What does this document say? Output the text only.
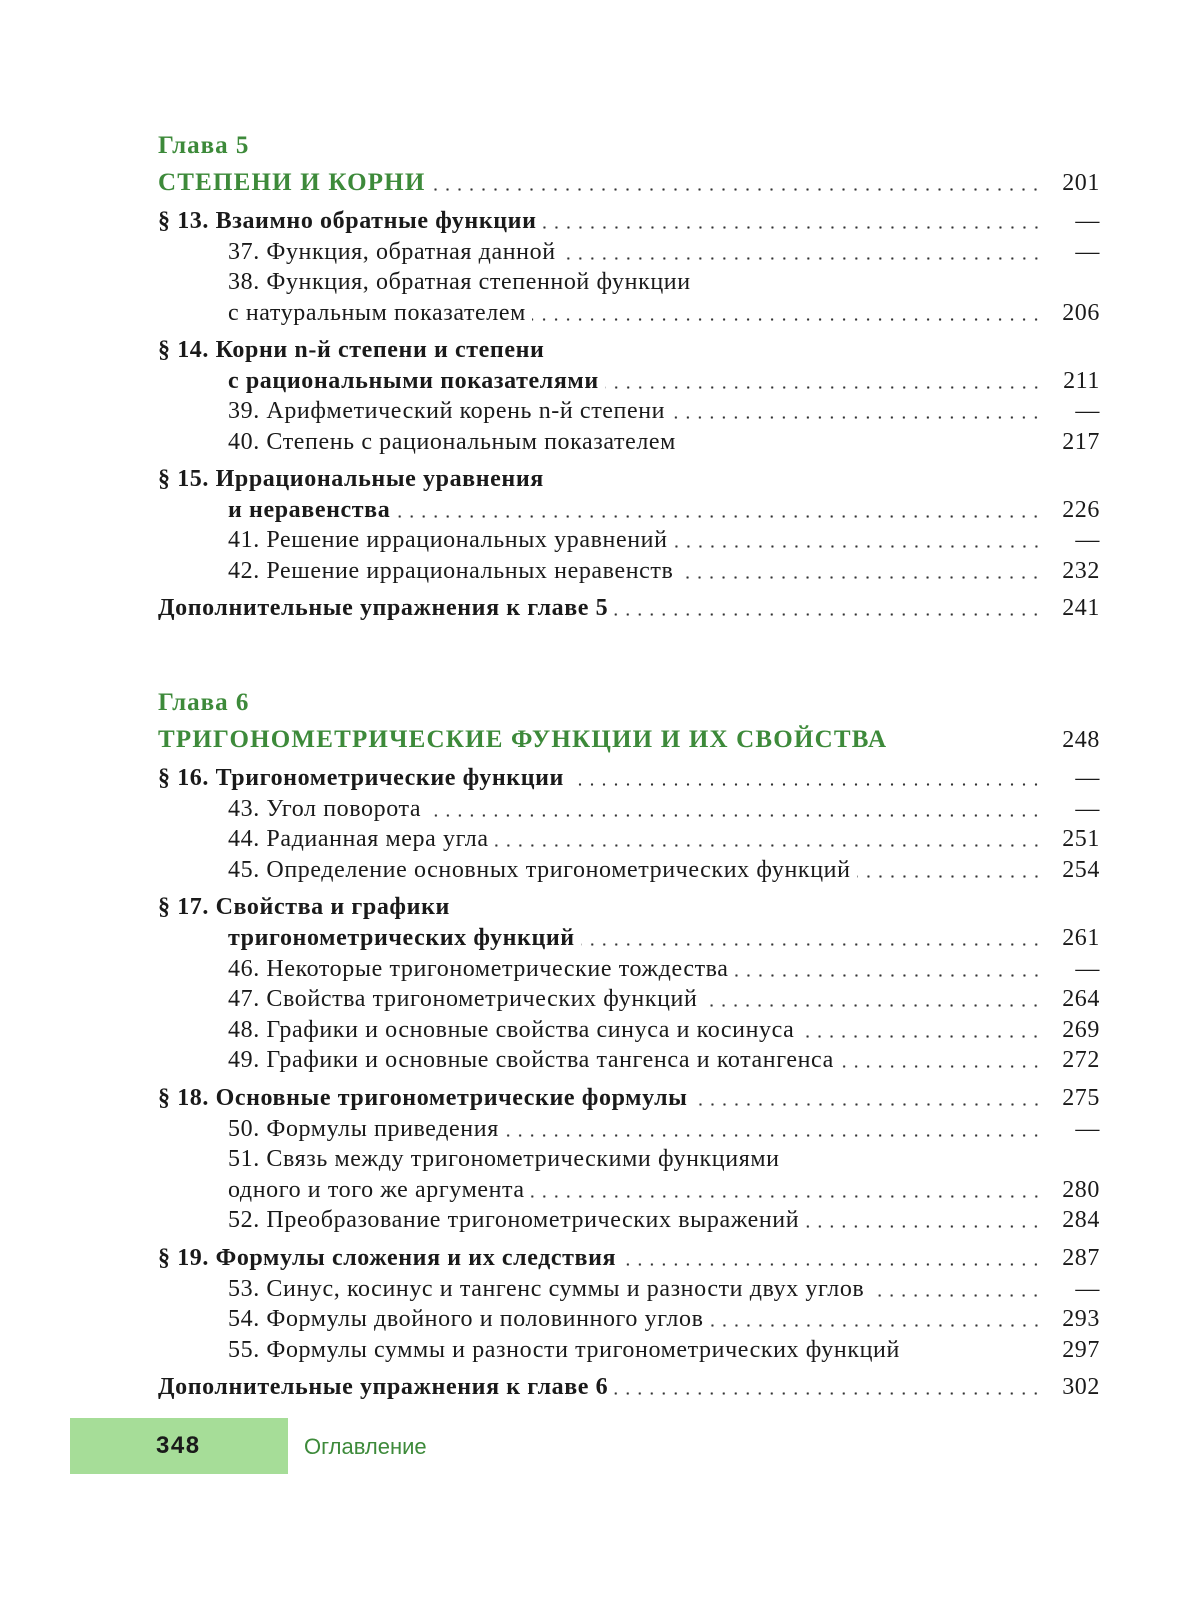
Глава 5
СТЕПЕНИ И КОРНИ	201
§ 13. Взаимно обратные функции	—
37. Функция, обратная данной	—
38. Функция, обратная степенной функции
с натуральным показателем	206
§ 14. Корни n-й степени и степени
с рациональными показателями	211
39. Арифметический корень n-й степени	—
40. Степень с рациональным показателем	217
§ 15. Иррациональные уравнения
и неравенства	226
41. Решение иррациональных уравнений	—
42. Решение иррациональных неравенств	232
Дополнительные упражнения к главе 5	241
Глава 6
ТРИГОНОМЕТРИЧЕСКИЕ ФУНКЦИИ И ИХ СВОЙСТВА	248
§ 16. Тригонометрические функции	—
43. Угол поворота	—
44. Радианная мера угла	251
45. Определение основных тригонометрических функций	254
§ 17. Свойства и графики
тригонометрических функций	261
46. Некоторые тригонометрические тождества	—
47. Свойства тригонометрических функций	264
48. Графики и основные свойства синуса и косинуса	269
49. Графики и основные свойства тангенса и котангенса	272
§ 18. Основные тригонометрические формулы	275
50. Формулы приведения	—
51. Связь между тригонометрическими функциями
одного и того же аргумента	280
52. Преобразование тригонометрических выражений	284
§ 19. Формулы сложения и их следствия	287
53. Синус, косинус и тангенс суммы и разности двух углов	—
54. Формулы двойного и половинного углов	293
55. Формулы суммы и разности тригонометрических функций	297
Дополнительные упражнения к главе 6	302
348	Оглавление
